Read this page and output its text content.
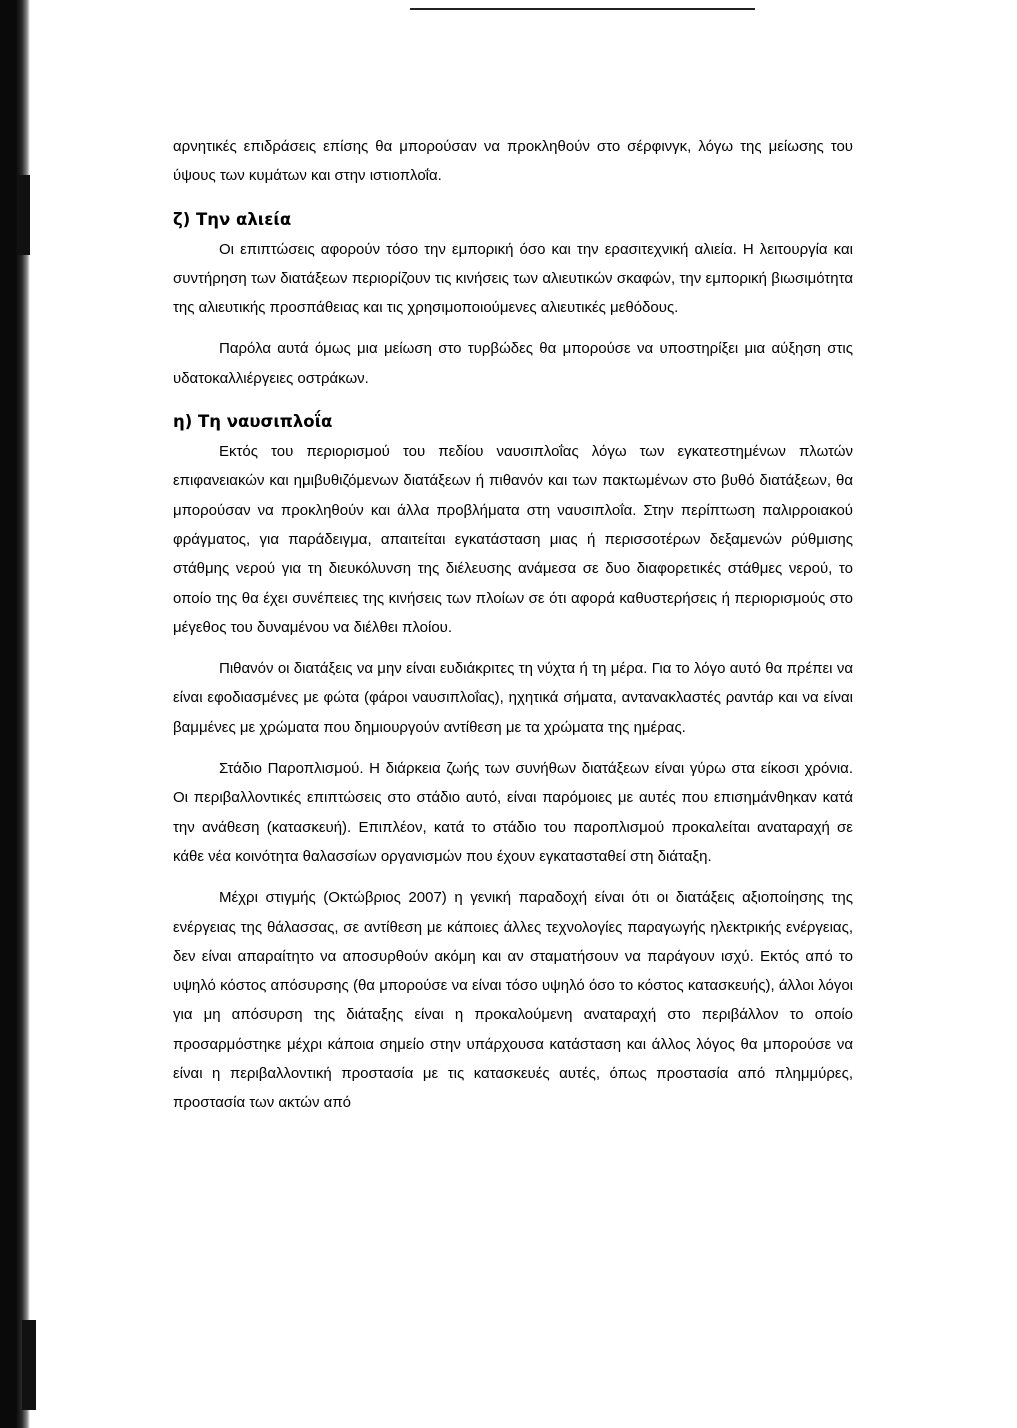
αρνητικές επιδράσεις επίσης θα μπορούσαν να προκληθούν στο σέρφινγκ, λόγω της μείωσης του ύψους των κυμάτων και στην ιστιοπλοΐα.

ζ) Την αλιεία

Οι επιπτώσεις αφορούν τόσο την εμπορική όσο και την ερασιτεχνική αλιεία. Η λειτουργία και συντήρηση των διατάξεων περιορίζουν τις κινήσεις των αλιευτικών σκαφών, την εμπορική βιωσιμότητα της αλιευτικής προσπάθειας και τις χρησιμοποιούμενες αλιευτικές μεθόδους.

Παρόλα αυτά όμως μια μείωση στο τυρβώδες θα μπορούσε να υποστηρίξει μια αύξηση στις υδατοκαλλιέργειες οστράκων.

η) Τη ναυσιπλοΐα

Εκτός του περιορισμού του πεδίου ναυσιπλοΐας λόγω των εγκατεστημένων πλωτών επιφανειακών και ημιβυθιζόμενων διατάξεων ή πιθανόν και των πακτωμένων στο βυθό διατάξεων, θα μπορούσαν να προκληθούν και άλλα προβλήματα στη ναυσιπλοΐα. Στην περίπτωση παλιρροιακού φράγματος, για παράδειγμα, απαιτείται εγκατάσταση μιας ή περισσοτέρων δεξαμενών ρύθμισης στάθμης νερού για τη διευκόλυνση της διέλευσης ανάμεσα σε δυο διαφορετικές στάθμες νερού, το οποίο της θα έχει συνέπειες της κινήσεις των πλοίων σε ότι αφορά καθυστερήσεις ή περιορισμούς στο μέγεθος του δυναμένου να διέλθει πλοίου.

Πιθανόν οι διατάξεις να μην είναι ευδιάκριτες τη νύχτα ή τη μέρα. Για το λόγο αυτό θα πρέπει να είναι εφοδιασμένες με φώτα (φάροι ναυσιπλοΐας), ηχητικά σήματα, αντανακλαστές ραντάρ και να είναι βαμμένες με χρώματα που δημιουργούν αντίθεση με τα χρώματα της ημέρας.

Στάδιο Παροπλισμού. Η διάρκεια ζωής των συνήθων διατάξεων είναι γύρω στα είκοσι χρόνια. Οι περιβαλλοντικές επιπτώσεις στο στάδιο αυτό, είναι παρόμοιες με αυτές που επισημάνθηκαν κατά την ανάθεση (κατασκευή). Επιπλέον, κατά το στάδιο του παροπλισμού προκαλείται αναταραχή σε κάθε νέα κοινότητα θαλασσίων οργανισμών που έχουν εγκατασταθεί στη διάταξη.

Μέχρι στιγμής (Οκτώβριος 2007) η γενική παραδοχή είναι ότι οι διατάξεις αξιοποίησης της ενέργειας της θάλασσας, σε αντίθεση με κάποιες άλλες τεχνολογίες παραγωγής ηλεκτρικής ενέργειας, δεν είναι απαραίτητο να αποσυρθούν ακόμη και αν σταματήσουν να παράγουν ισχύ. Εκτός από το υψηλό κόστος απόσυρσης (θα μπορούσε να είναι τόσο υψηλό όσο το κόστος κατασκευής), άλλοι λόγοι για μη απόσυρση της διάταξης είναι η προκαλούμενη αναταραχή στο περιβάλλον το οποίο προσαρμόστηκε μέχρι κάποια σημείο στην υπάρχουσα κατάσταση και άλλος λόγος θα μπορούσε να είναι η περιβαλλοντική προστασία με τις κατασκευές αυτές, όπως προστασία από πλημμύρες, προστασία των ακτών από
